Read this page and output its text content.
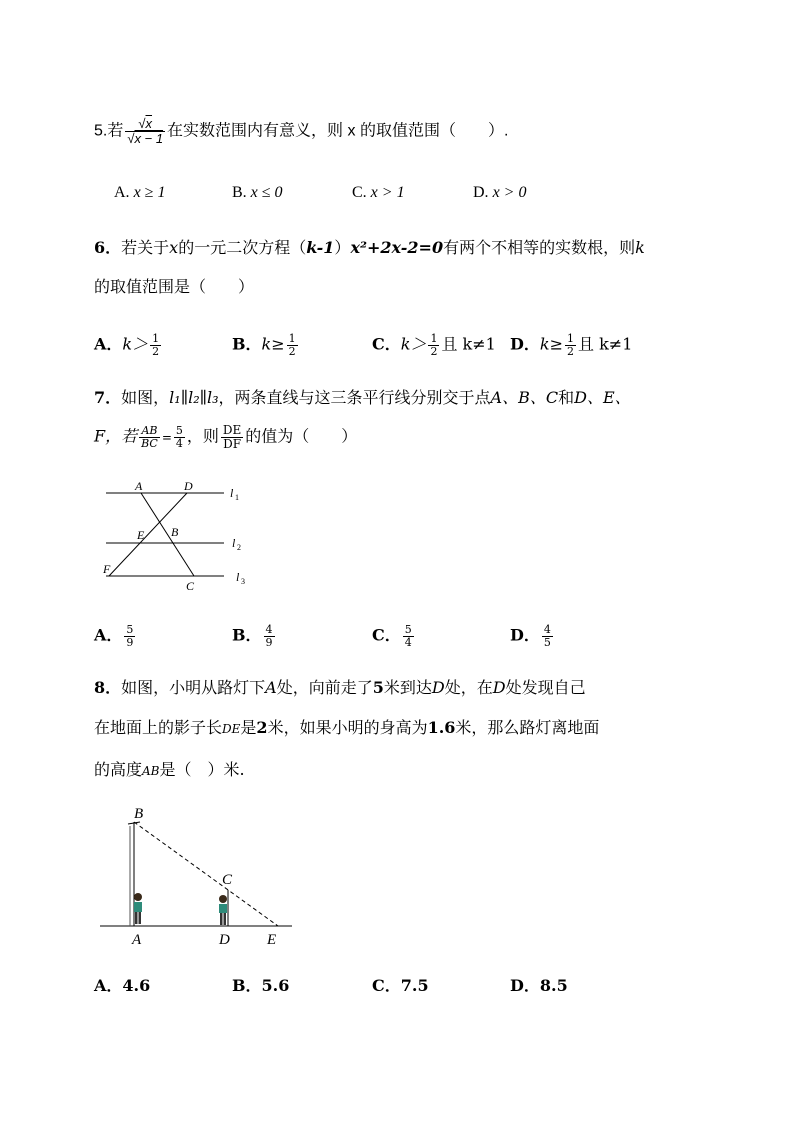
5.若 $\frac{√x}{√x - 1}$ 在实数范围内有意义，则 x 的取值范围（　　）.
A. x ≥ 1	B. x ≤ 0	C. x > 1	D. x > 0
6．若关于x的一元二次方程（k-1）x²+2x-2=0有两个不相等的实数根，则k
的取值范围是（　　）
A．$k> \frac{1}{2}$	B．$k\ge \frac{1}{2}$	C．$k> \frac{1}{2}$ 且 k≠1 D．$k\ge \frac{1}{2}$ 且 k≠1
7．如图，l₁∥l₂∥l₃，两条直线与这三条平行线分别交于点A、B、C和D、E、
F，若 $\frac{AB}{BC} = \frac{5}{4}$ ，则 $\frac{DE}{DF}$ 的值为（　　）
A	D
E B
F
C
l
l
l
1
2
3
A． $\frac{5}{9}$	B． $\frac{4}{9}$	C． $\frac{5}{4}$	D． $\frac{4}{5}$
8．如图，小明从路灯下A处，向前走了5米到达D处，在D处发现自己
在地面上的影子长DE是2米，如果小明的身高为1.6米，那么路灯离地面
的高度AB是（　）米.
B
C
A	D E
A．4.6	B．5.6	C．7.5	D．8.5
